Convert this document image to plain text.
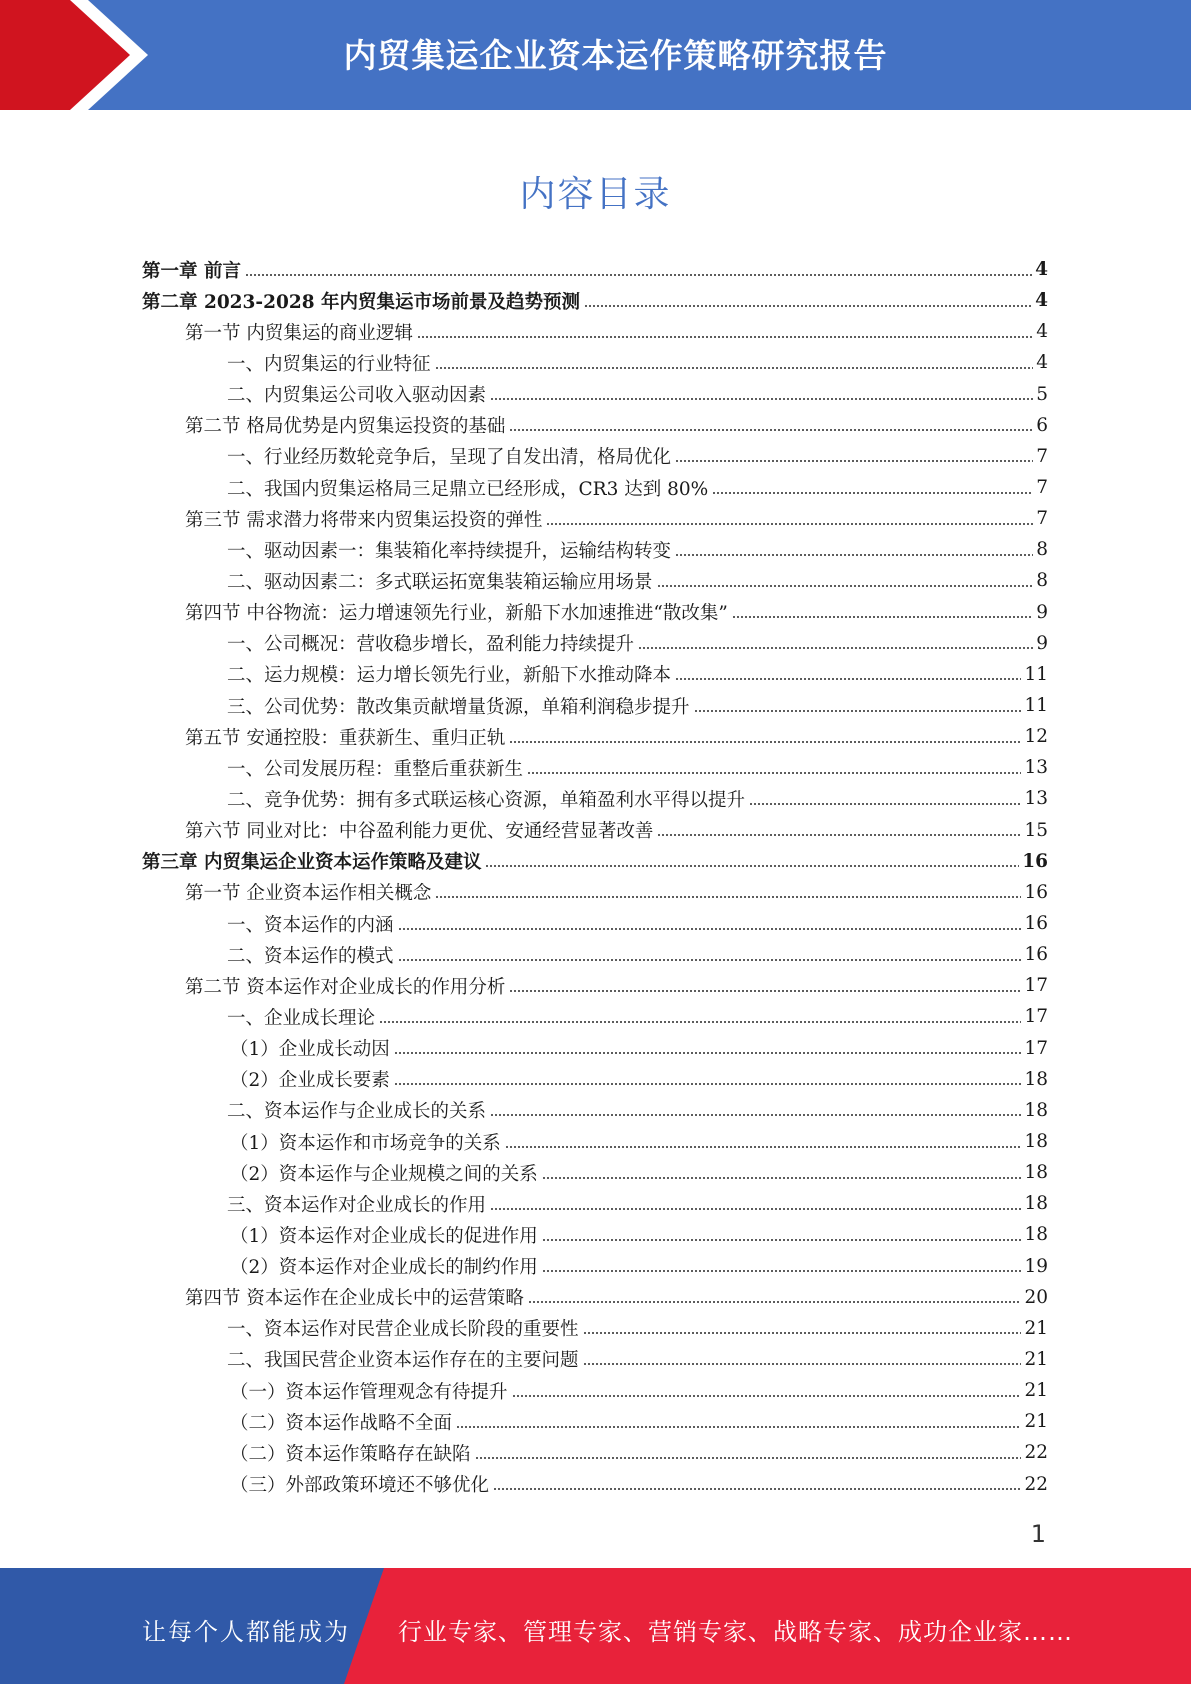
内贸集运企业资本运作策略研究报告
内容目录
第一章 前言	4
第二章 2023-2028 年内贸集运市场前景及趋势预测	4
第一节 内贸集运的商业逻辑	4
一、内贸集运的行业特征	4
二、内贸集运公司收入驱动因素	5
第二节 格局优势是内贸集运投资的基础	6
一、行业经历数轮竞争后，呈现了自发出清，格局优化	7
二、我国内贸集运格局三足鼎立已经形成，CR3 达到 80%	7
第三节 需求潜力将带来内贸集运投资的弹性	7
一、驱动因素一：集装箱化率持续提升，运输结构转变	8
二、驱动因素二：多式联运拓宽集装箱运输应用场景	8
第四节 中谷物流：运力增速领先行业，新船下水加速推进“散改集”	9
一、公司概况：营收稳步增长，盈利能力持续提升	9
二、运力规模：运力增长领先行业，新船下水推动降本	11
三、公司优势：散改集贡献增量货源，单箱利润稳步提升	11
第五节 安通控股：重获新生、重归正轨	12
一、公司发展历程：重整后重获新生	13
二、竞争优势：拥有多式联运核心资源，单箱盈利水平得以提升	13
第六节 同业对比：中谷盈利能力更优、安通经营显著改善	15
第三章 内贸集运企业资本运作策略及建议	16
第一节 企业资本运作相关概念	16
一、资本运作的内涵	16
二、资本运作的模式	16
第二节 资本运作对企业成长的作用分析	17
一、企业成长理论	17
（1）企业成长动因	17
（2）企业成长要素	18
二、资本运作与企业成长的关系	18
（1）资本运作和市场竞争的关系	18
（2）资本运作与企业规模之间的关系	18
三、资本运作对企业成长的作用	18
（1）资本运作对企业成长的促进作用	18
（2）资本运作对企业成长的制约作用	19
第四节 资本运作在企业成长中的运营策略	20
一、资本运作对民营企业成长阶段的重要性	21
二、我国民营企业资本运作存在的主要问题	21
（一）资本运作管理观念有待提升	21
（二）资本运作战略不全面	21
（二）资本运作策略存在缺陷	22
（三）外部政策环境还不够优化	22
1
让每个人都能成为 行业专家、管理专家、营销专家、战略专家、成功企业家……
